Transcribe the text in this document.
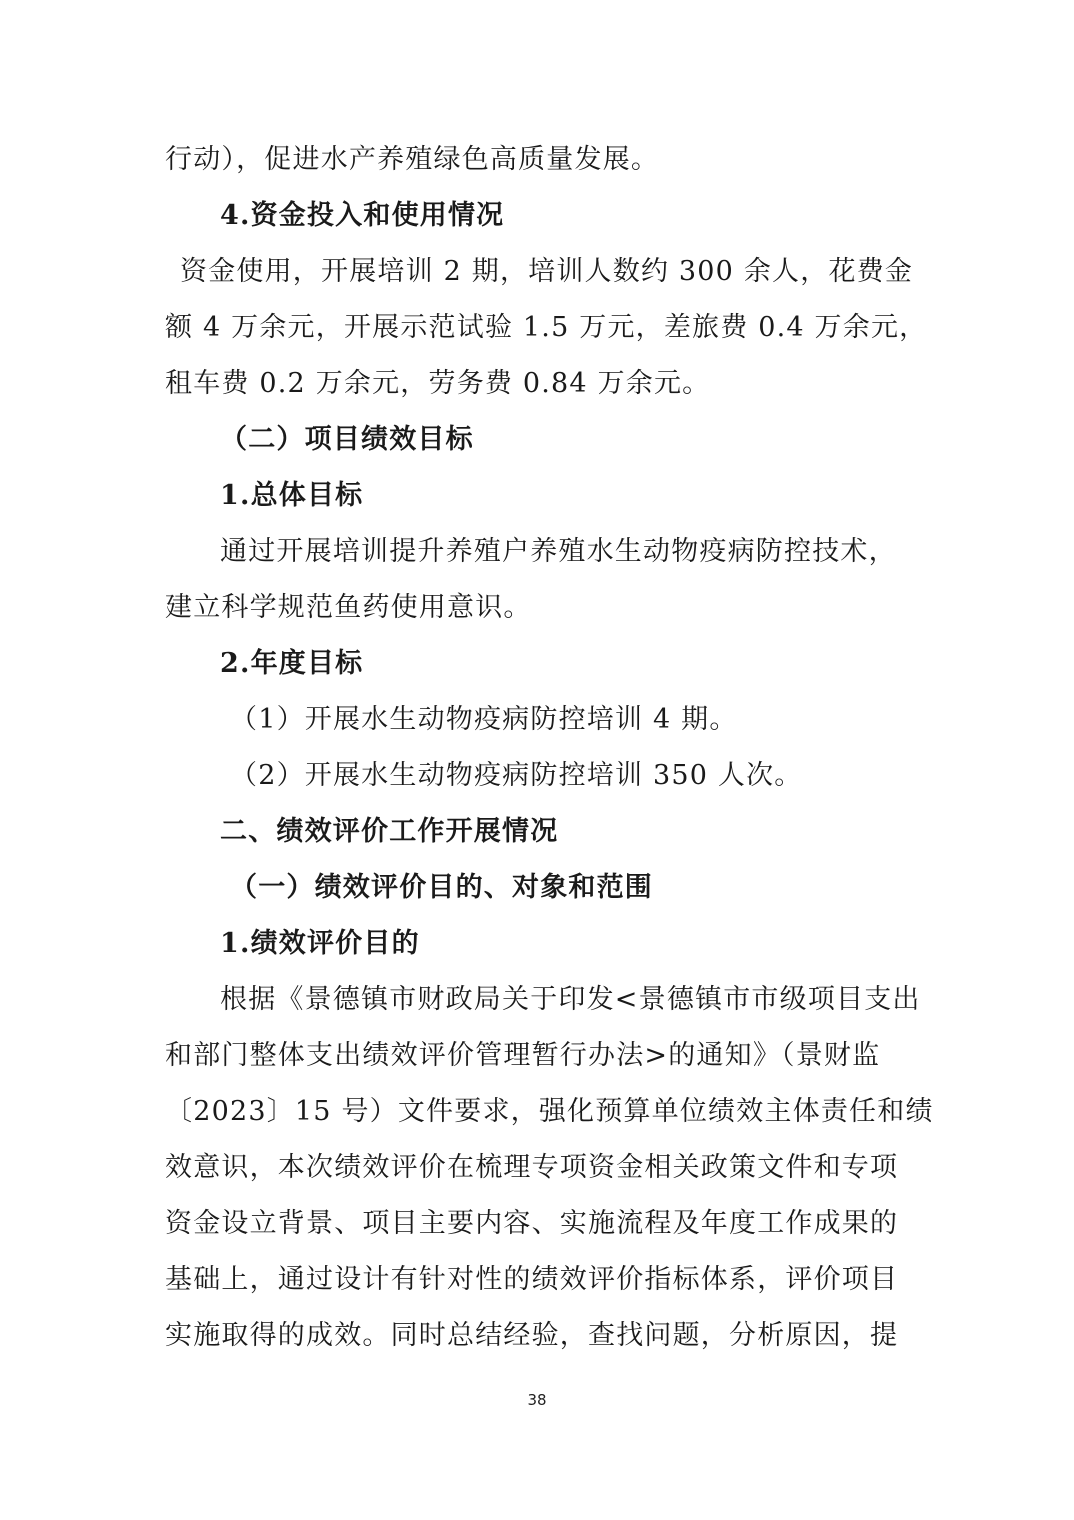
行动），促进水产养殖绿色高质量发展。
4.资金投入和使用情况
资金使用，开展培训 2 期，培训人数约 300 余人，花费金
额 4 万余元，开展示范试验 1.5 万元，差旅费 0.4 万余元，
租车费 0.2 万余元，劳务费 0.84 万余元。
（二）项目绩效目标
1.总体目标
通过开展培训提升养殖户养殖水生动物疫病防控技术，
建立科学规范鱼药使用意识。
2.年度目标
（1）开展水生动物疫病防控培训 4 期。
（2）开展水生动物疫病防控培训 350 人次。
二、绩效评价工作开展情况
（一）绩效评价目的、对象和范围
1.绩效评价目的
根据《景德镇市财政局关于印发<景德镇市市级项目支出
和部门整体支出绩效评价管理暂行办法>的通知》（景财监
〔2023〕15 号）文件要求，强化预算单位绩效主体责任和绩
效意识，本次绩效评价在梳理专项资金相关政策文件和专项
资金设立背景、项目主要内容、实施流程及年度工作成果的
基础上，通过设计有针对性的绩效评价指标体系，评价项目
实施取得的成效。同时总结经验，查找问题，分析原因，提
38
